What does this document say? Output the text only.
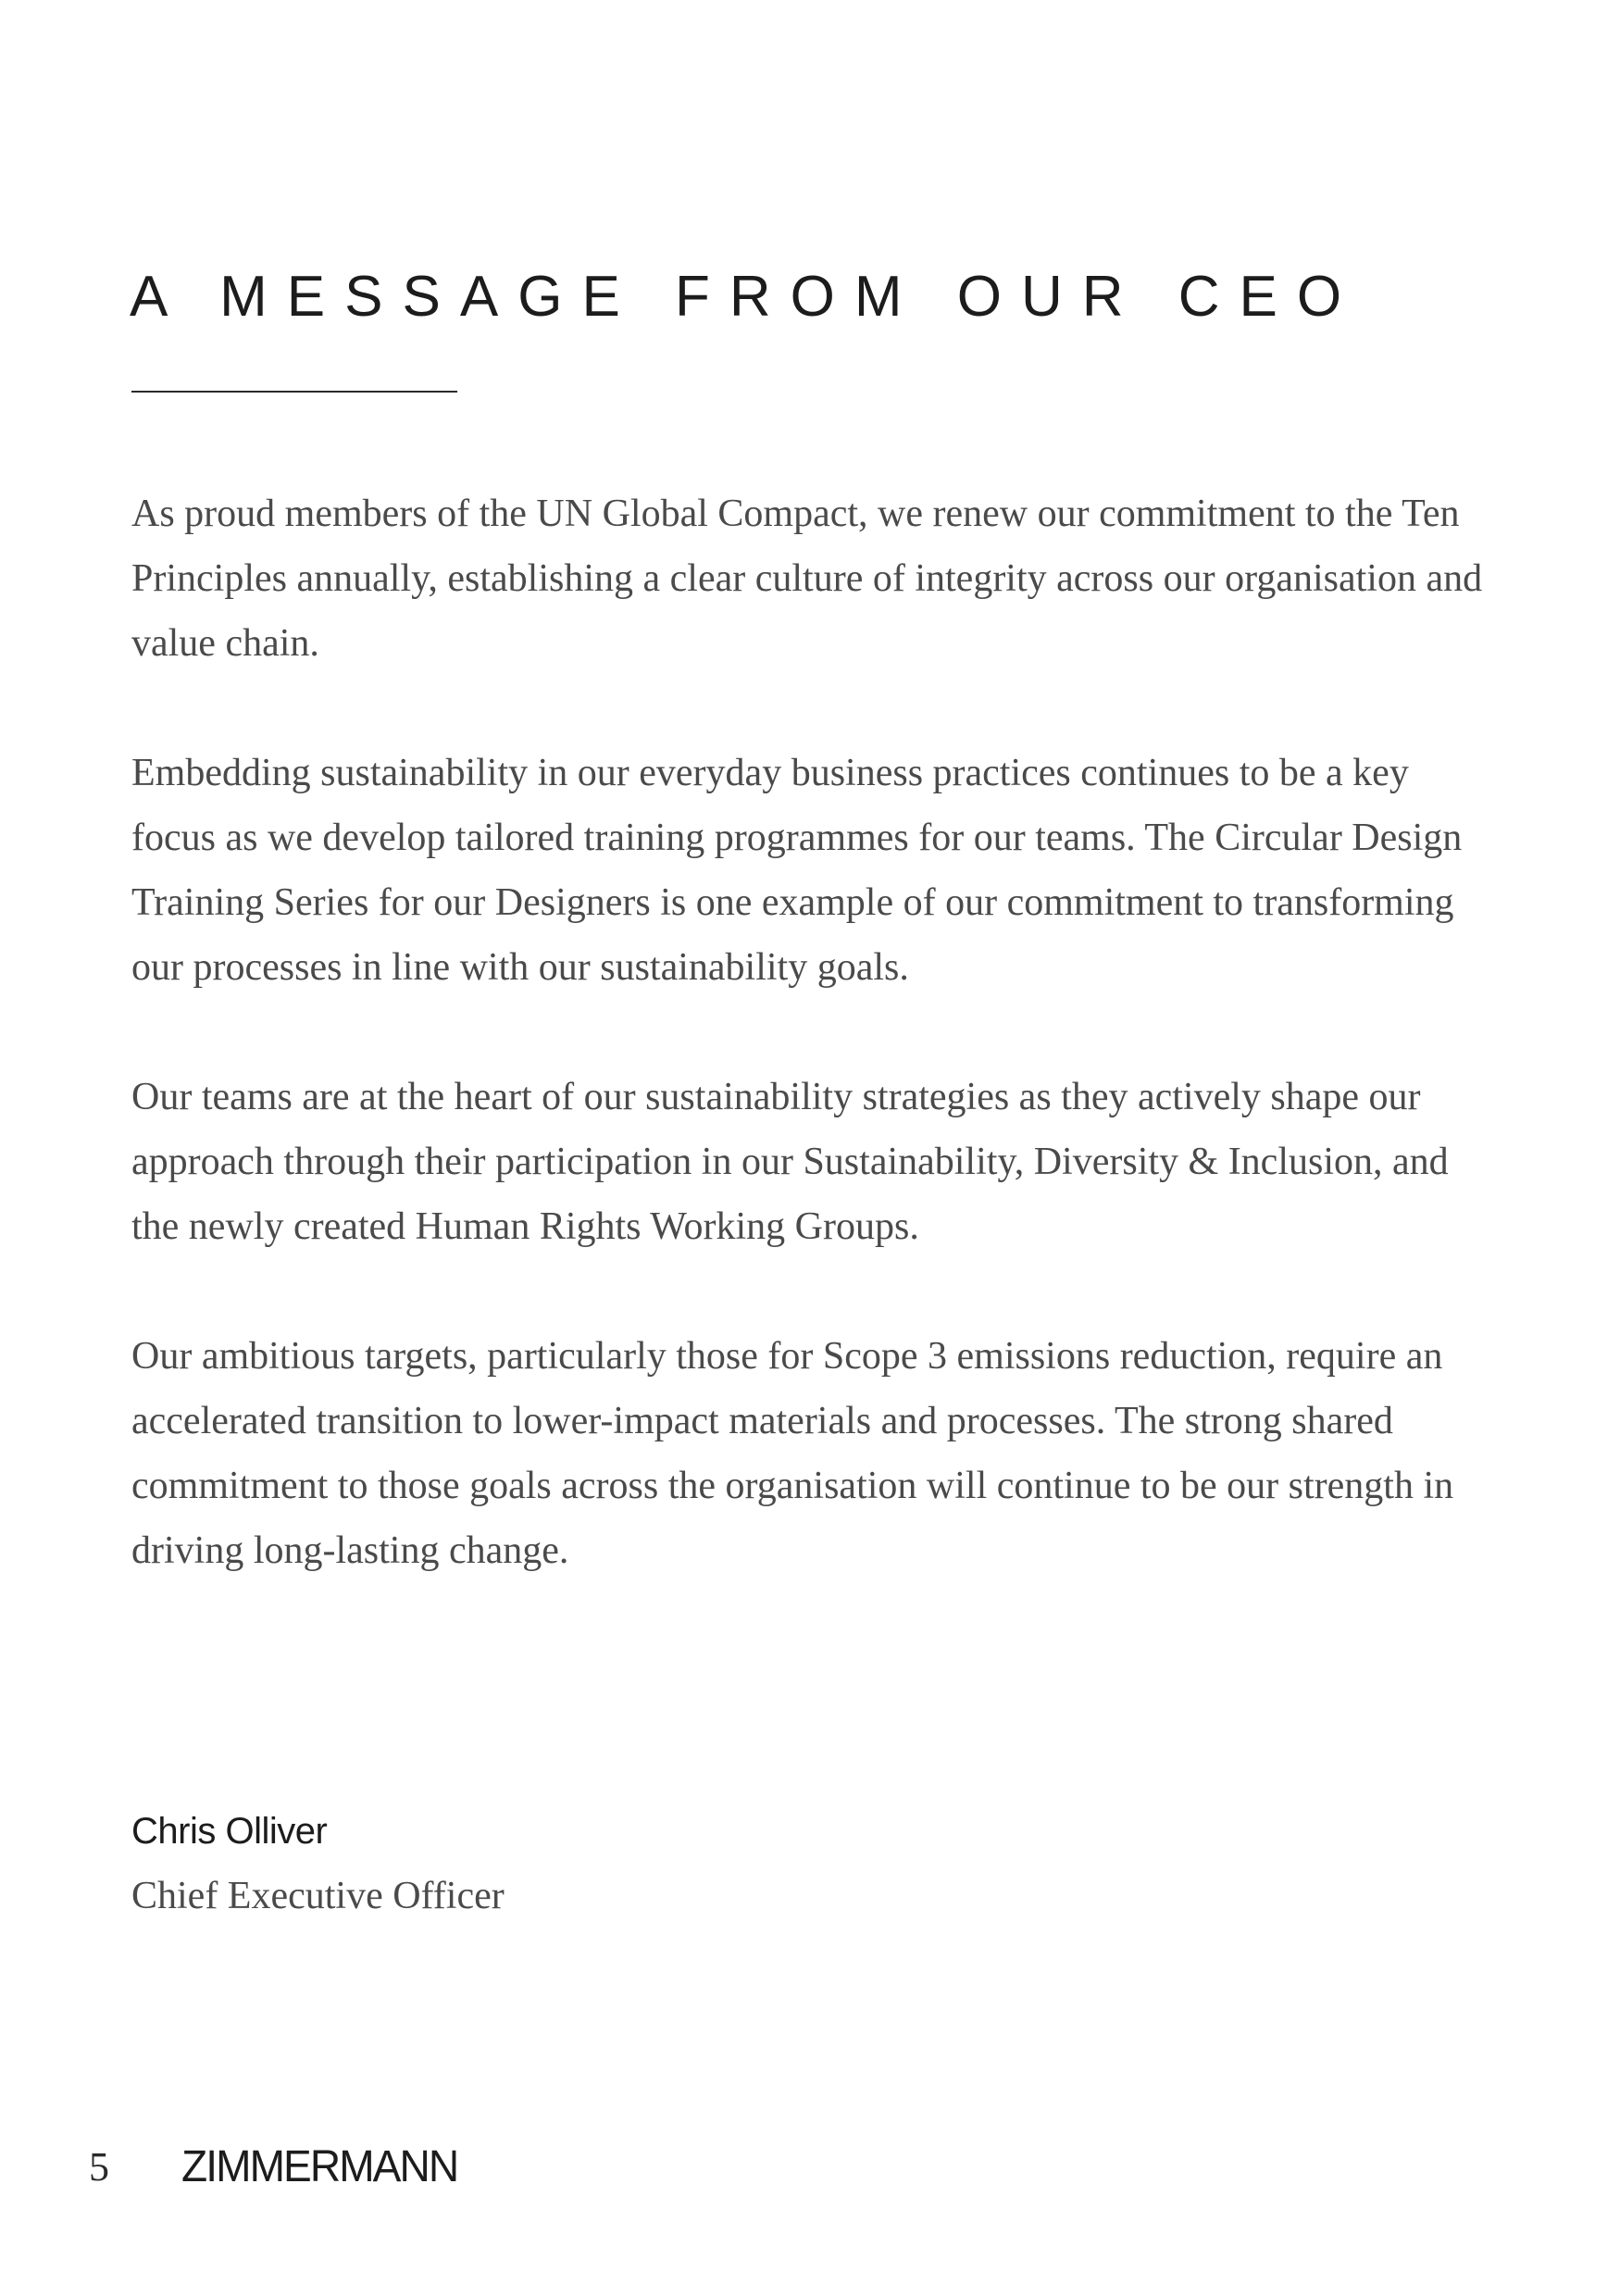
A MESSAGE FROM OUR CEO

As proud members of the UN Global Compact, we renew our commitment to the Ten Principles annually, establishing a clear culture of integrity across our organisation and value chain.

Embedding sustainability in our everyday business practices continues to be a key focus as we develop tailored training programmes for our teams. The Circular Design Training Series for our Designers is one example of our commitment to transforming our processes in line with our sustainability goals.

Our teams are at the heart of our sustainability strategies as they actively shape our approach through their participation in our Sustainability, Diversity & Inclusion, and the newly created Human Rights Working Groups.

Our ambitious targets, particularly those for Scope 3 emissions reduction, require an accelerated transition to lower-impact materials and processes. The strong shared commitment to those goals across the organisation will continue to be our strength in driving long-lasting change.

Chris Olliver
Chief Executive Officer
5	ZIMMERMANN
